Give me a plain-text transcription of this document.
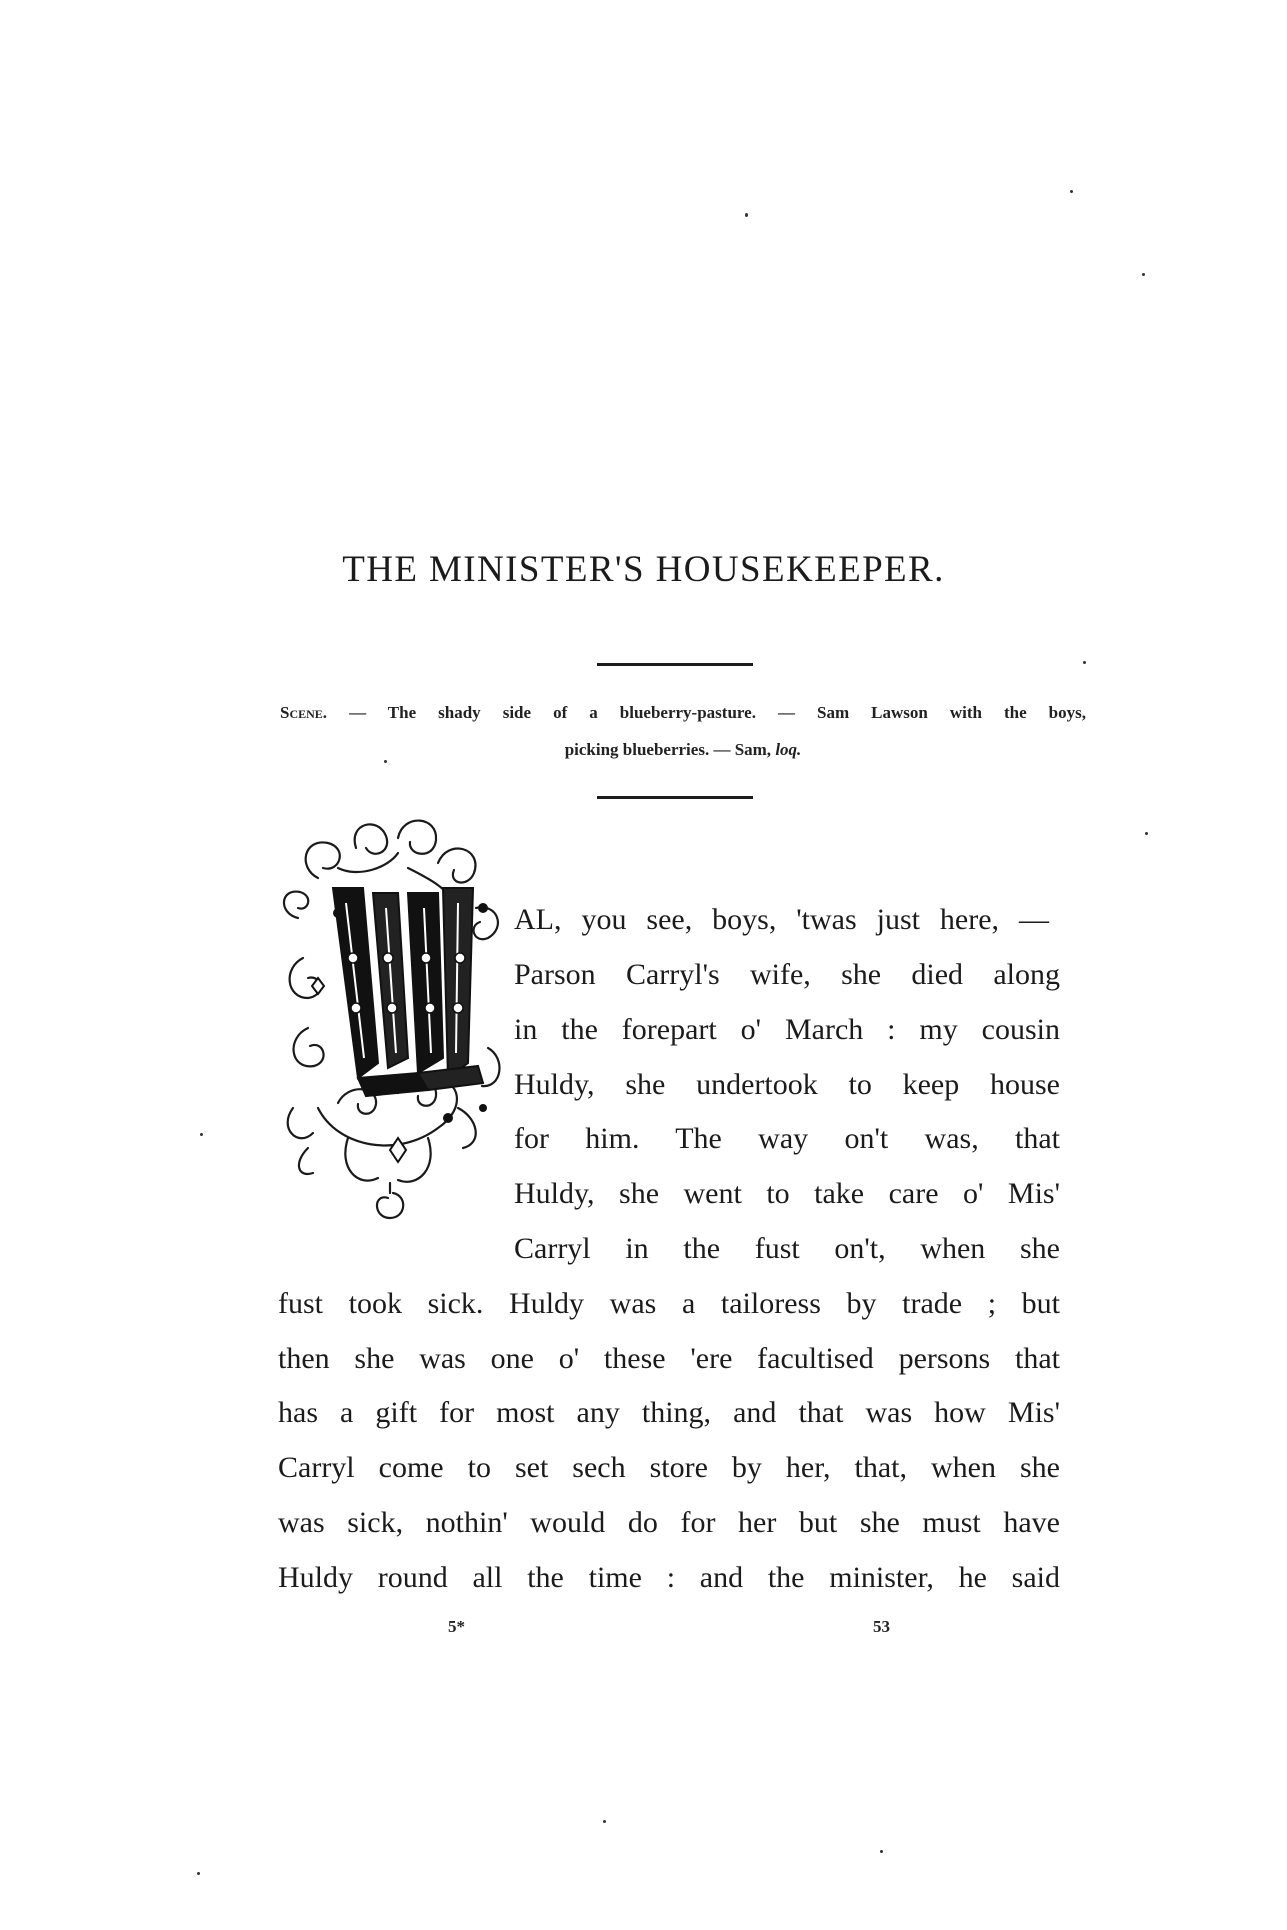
THE MINISTER'S HOUSEKEEPER.
Scene. — The shady side of a blueberry-pasture. — Sam Lawson with the boys,
picking blueberries. — Sam, loq.
AL, you see, boys, 'twas just here, —
Parson Carryl's wife, she died along
in the forepart o' March : my cousin
Huldy, she undertook to keep house
for him. The way on't was, that
Huldy, she went to take care o' Mis'
Carryl in the fust on't, when she
fust took sick. Huldy was a tailoress by trade ; but
then she was one o' these 'ere facultised persons that
has a gift for most any thing, and that was how Mis'
Carryl come to set sech store by her, that, when she
was sick, nothin' would do for her but she must have
Huldy round all the time : and the minister, he said
5*	53
